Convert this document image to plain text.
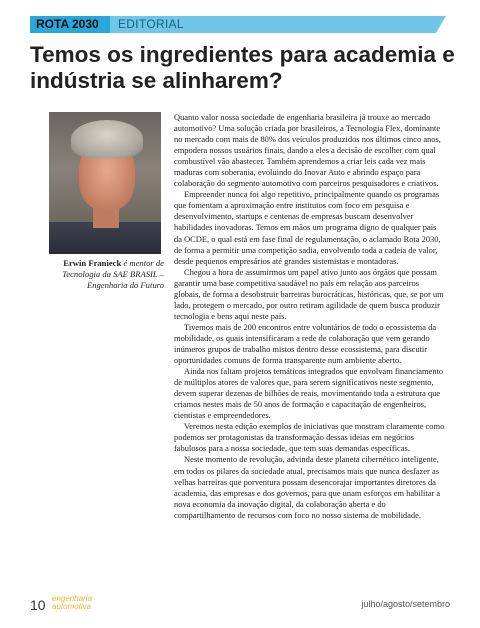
ROTA 2030	EDITORIAL
Temos os ingredientes para academia e indústria se alinharem?
Erwin Franieck é mentor de Tecnologia da SAE BRASIL – Engenharia do Futuro

Quanto valor nossa sociedade de engenharia brasileira já trouxe ao mercado automotivo? Uma solução criada por brasileiros, a Tecnologia Flex, dominante no mercado com mais de 80% dos veículos produzidos nos últimos cinco anos, empodera nossos usuários finais, dando a eles a decisão de escolher com qual combustível vão abastecer. Também aprendemos a criar leis cada vez mais maduras com soberania, evoluindo do Inovar Auto e abrindo espaço para colaboração do segmento automotivo com parceiros pesquisadores e criativos.

Empreender nunca foi algo repetitivo, principalmente quando os programas que fomentam a aproximação entre institutos com foco em pesquisa e desenvolvimento, startups e centenas de empresas buscam desenvolver habilidades inovadoras. Temos em mãos um programa digno de qualquer país da OCDE, o qual está em fase final de regulamentação, o aclamado Rota 2030, de forma a permitir uma competição sadia, envolvendo toda a cadeia de valor, desde pequenos empresários até grandes sistemistas e montadoras.

Chegou a hora de assumirmos um papel ativo junto aos órgãos que possam garantir uma base competitiva saudável no país em relação aos parceiros globais, de forma a desobstruir barreiras burocráticas, históricas, que, se por um lado, protegem o mercado, por outro retiram agilidade de quem busca produzir tecnologia e bens aqui neste país.

Tivemos mais de 200 encontros entre voluntários de todo o ecossistema da mobilidade, os quais intensificaram a rede de colaboração que vem gerando inúmeros grupos de trabalho mistos dentro desse ecossistema, para discutir oportunidades comuns de forma transparente num ambiente aberto.

Ainda nos faltam projetos temáticos integrados que envolvam financiamento de múltiplos atores de valores que, para serem significativos neste segmento, devem superar dezenas de bilhões de reais, movimentando toda a estrutura que criamos nestes mais de 50 anos de formação e capacitação de engenheiros, cientistas e empreendedores.

Veremos nesta edição exemplos de iniciativas que mostram claramente como podemos ser protagonistas da transformação dessas ideias em negócios fabulosos para a nossa sociedade, que tem suas demandas específicas.

Neste momento de revolução, advinda deste planeta cibernético inteligente, em todos os pilares da sociedade atual, precisamos mais que nunca desfazer as velhas barreiras que porventura possam desencorajar importantes diretores da academia, das empresas e dos governos, para que unam esforços em habilitar a nova economia da inovação digital, da colaboração aberta e do compartilhamento de recursos com foco no nosso sistema de mobilidade.

10 engenharia
automotiva	julho/agosto/setembro
